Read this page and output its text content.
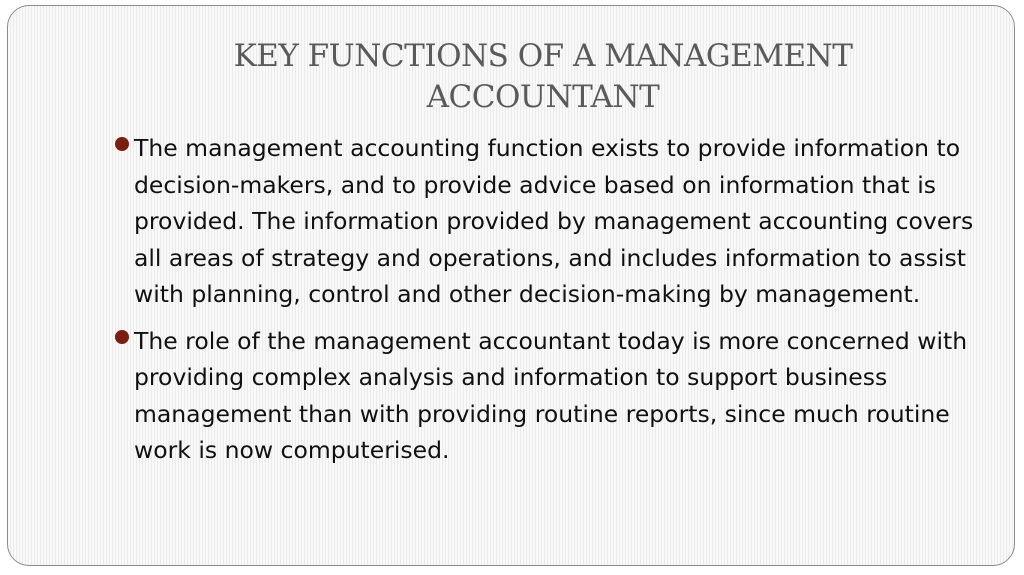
KEY FUNCTIONS OF A MANAGEMENT
ACCOUNTANT
The management accounting function exists to provide information to decision-makers, and to provide advice based on information that is provided. The information provided by management accounting covers all areas of strategy and operations, and includes information to assist with planning, control and other decision-making by management.
The role of the management accountant today is more concerned with providing complex analysis and information to support business management than with providing routine reports, since much routine work is now computerised.
